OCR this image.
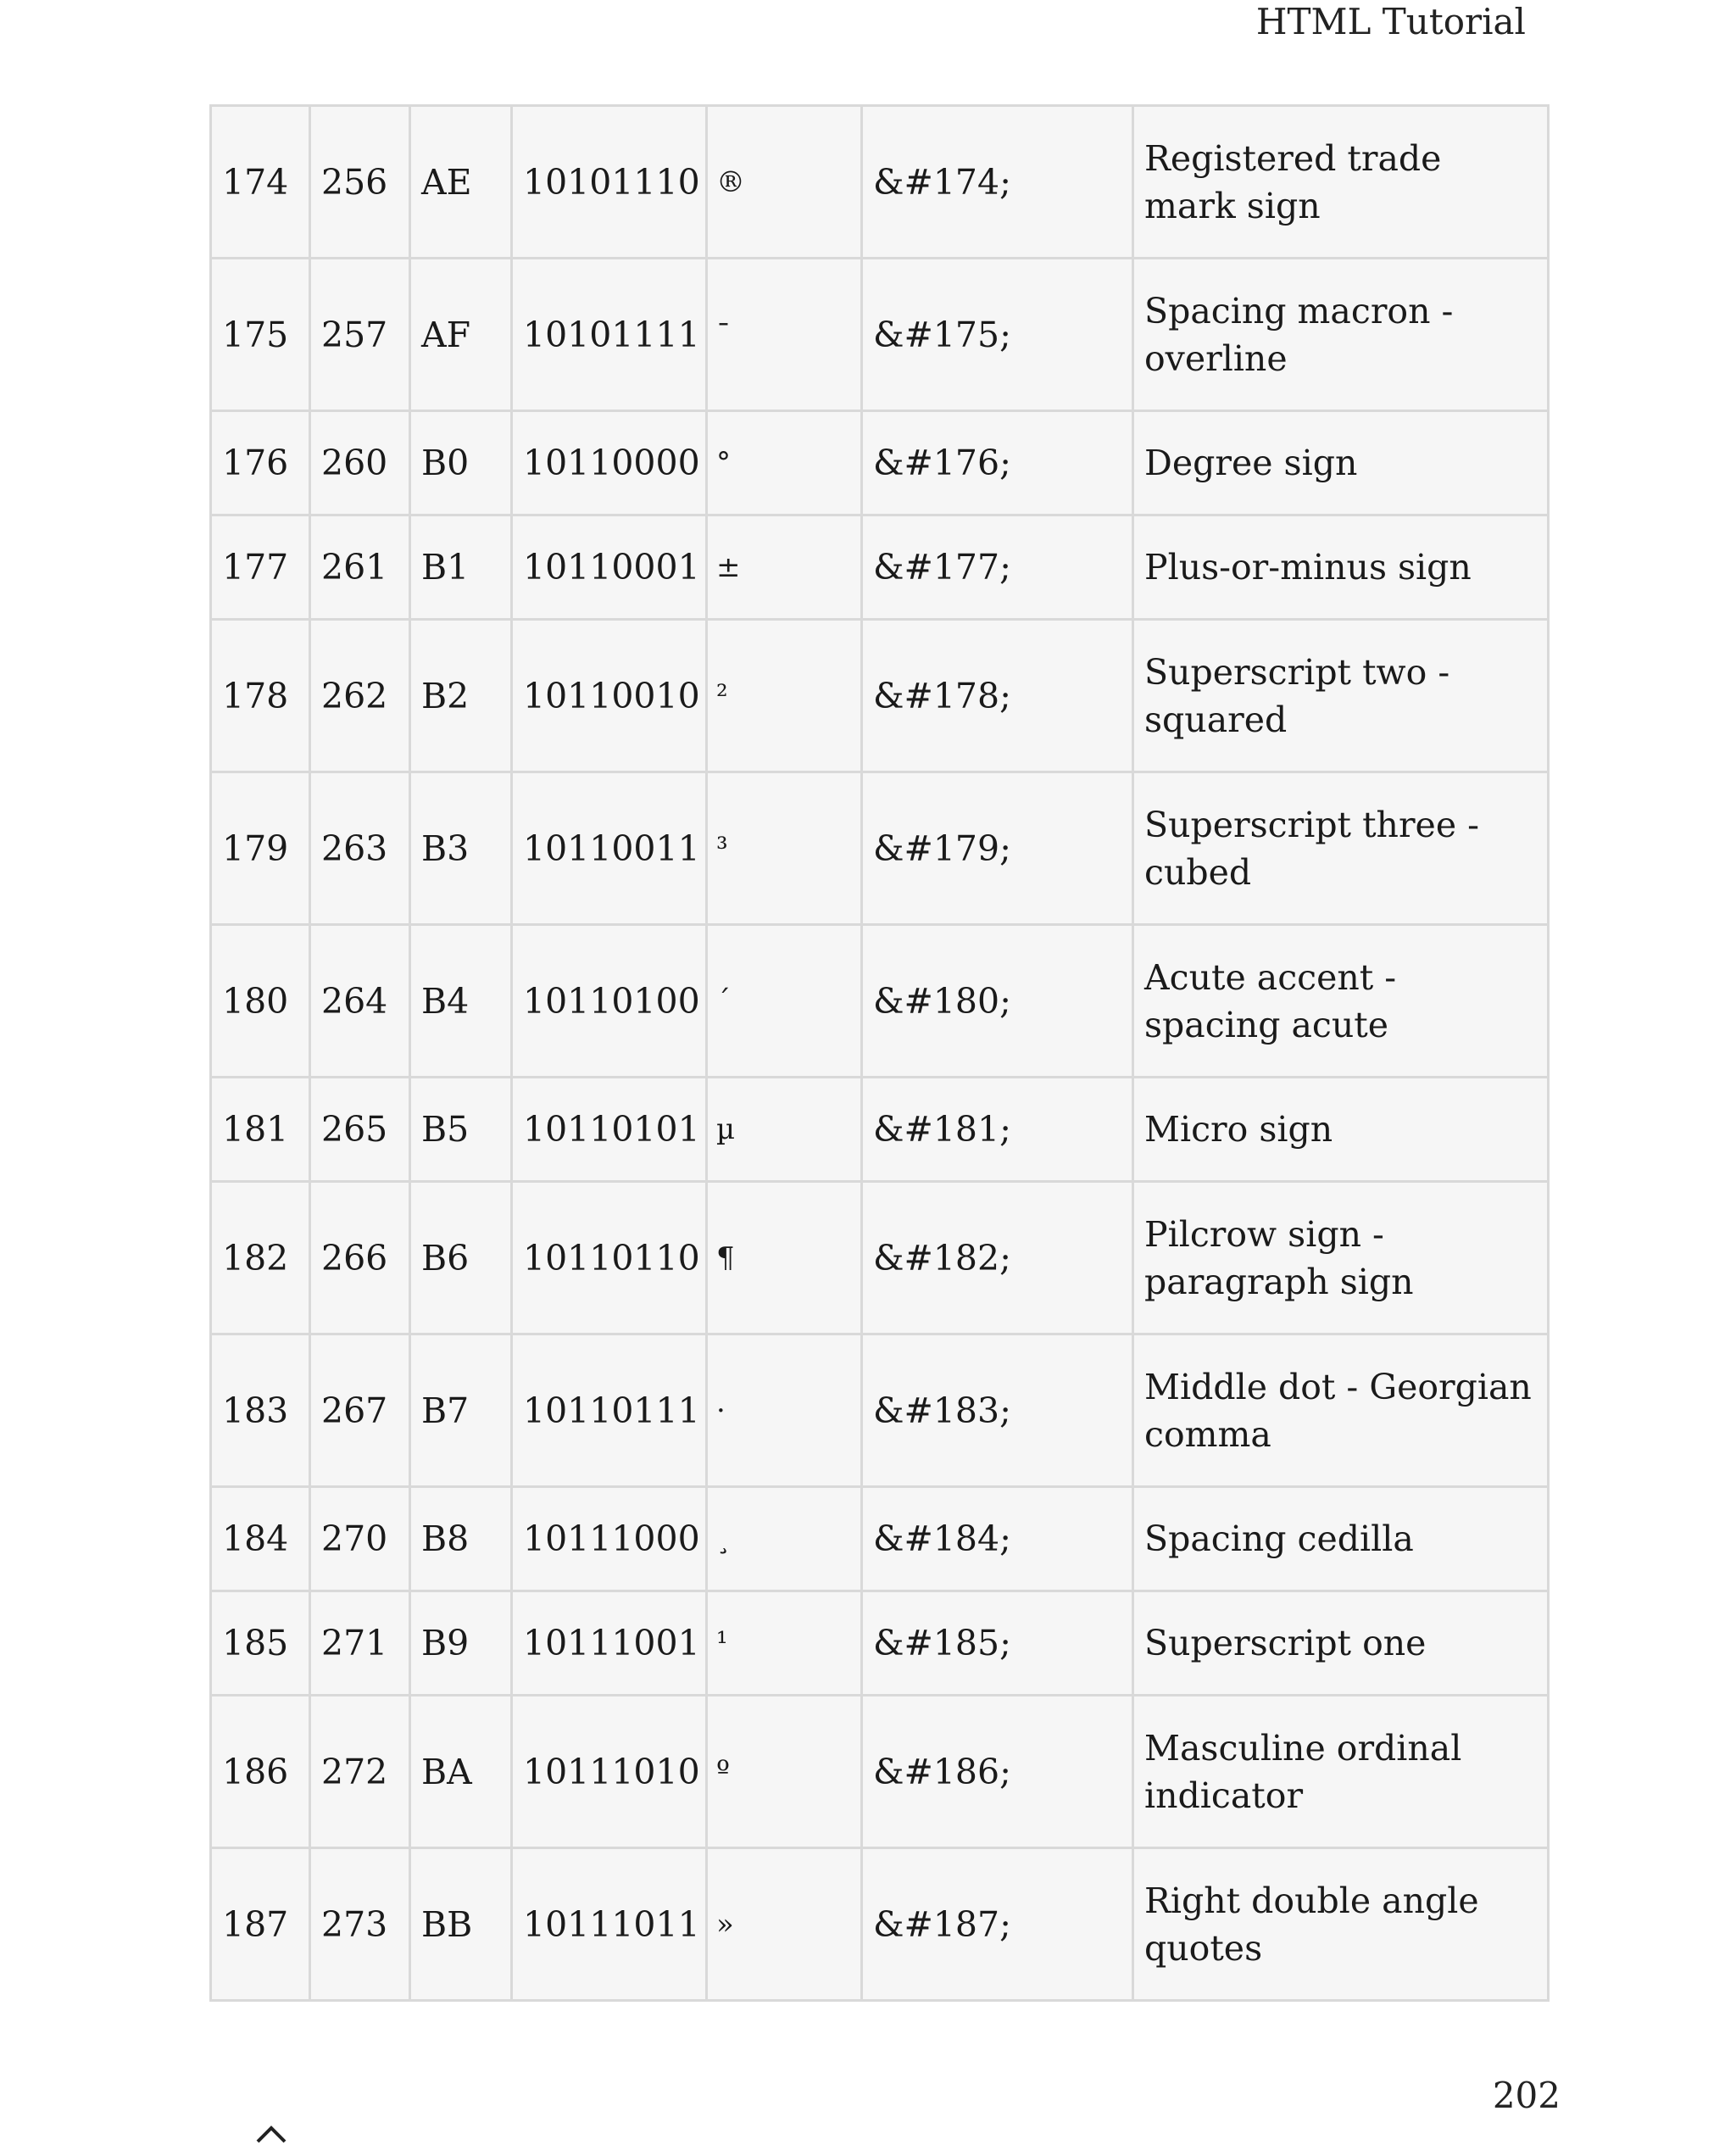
HTML Tutorial
174	256	AE	10101110	®	&#174;	Registered trade mark sign
175	257	AF	10101111	¯	&#175;	Spacing macron - overline
176	260	B0	10110000	°	&#176;	Degree sign
177	261	B1	10110001	±	&#177;	Plus-or-minus sign
178	262	B2	10110010	²	&#178;	Superscript two - squared
179	263	B3	10110011	³	&#179;	Superscript three - cubed
180	264	B4	10110100	´	&#180;	Acute accent - spacing acute
181	265	B5	10110101	µ	&#181;	Micro sign
182	266	B6	10110110	¶	&#182;	Pilcrow sign - paragraph sign
183	267	B7	10110111	·	&#183;	Middle dot - Georgian comma
184	270	B8	10111000	¸	&#184;	Spacing cedilla
185	271	B9	10111001	¹	&#185;	Superscript one
186	272	BA	10111010	º	&#186;	Masculine ordinal indicator
187	273	BB	10111011	»	&#187;	Right double angle quotes
202
